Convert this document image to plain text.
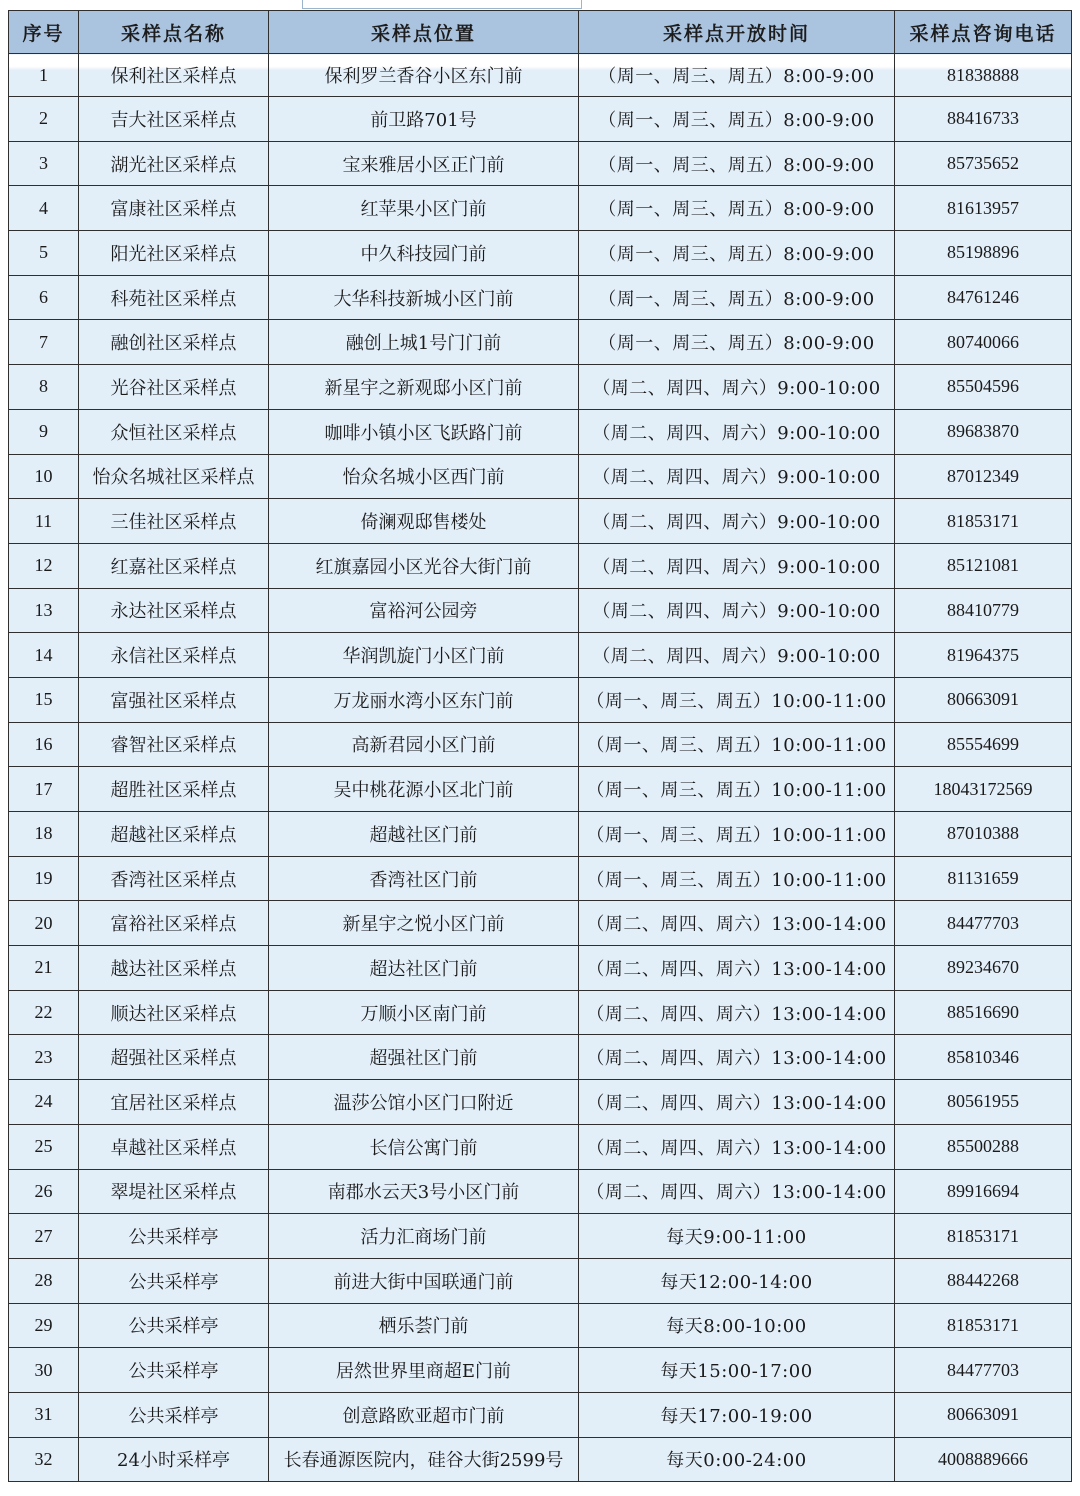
序号	采样点名称	采样点位置	采样点开放时间	采样点咨询电话
1	保利社区采样点	保利罗兰香谷小区东门前	（周一、周三、周五）8:00-9:00	81838888
2	吉大社区采样点	前卫路701号	（周一、周三、周五）8:00-9:00	88416733
3	湖光社区采样点	宝来雅居小区正门前	（周一、周三、周五）8:00-9:00	85735652
4	富康社区采样点	红苹果小区门前	（周一、周三、周五）8:00-9:00	81613957
5	阳光社区采样点	中久科技园门前	（周一、周三、周五）8:00-9:00	85198896
6	科苑社区采样点	大华科技新城小区门前	（周一、周三、周五）8:00-9:00	84761246
7	融创社区采样点	融创上城1号门门前	（周一、周三、周五）8:00-9:00	80740066
8	光谷社区采样点	新星宇之新观邸小区门前	（周二、周四、周六）9:00-10:00	85504596
9	众恒社区采样点	咖啡小镇小区飞跃路门前	（周二、周四、周六）9:00-10:00	89683870
10	怡众名城社区采样点	怡众名城小区西门前	（周二、周四、周六）9:00-10:00	87012349
11	三佳社区采样点	倚澜观邸售楼处	（周二、周四、周六）9:00-10:00	81853171
12	红嘉社区采样点	红旗嘉园小区光谷大街门前	（周二、周四、周六）9:00-10:00	85121081
13	永达社区采样点	富裕河公园旁	（周二、周四、周六）9:00-10:00	88410779
14	永信社区采样点	华润凯旋门小区门前	（周二、周四、周六）9:00-10:00	81964375
15	富强社区采样点	万龙丽水湾小区东门前	（周一、周三、周五）10:00-11:00	80663091
16	睿智社区采样点	高新君园小区门前	（周一、周三、周五）10:00-11:00	85554699
17	超胜社区采样点	吴中桃花源小区北门前	（周一、周三、周五）10:00-11:00	18043172569
18	超越社区采样点	超越社区门前	（周一、周三、周五）10:00-11:00	87010388
19	香湾社区采样点	香湾社区门前	（周一、周三、周五）10:00-11:00	81131659
20	富裕社区采样点	新星宇之悦小区门前	（周二、周四、周六）13:00-14:00	84477703
21	越达社区采样点	超达社区门前	（周二、周四、周六）13:00-14:00	89234670
22	顺达社区采样点	万顺小区南门前	（周二、周四、周六）13:00-14:00	88516690
23	超强社区采样点	超强社区门前	（周二、周四、周六）13:00-14:00	85810346
24	宜居社区采样点	温莎公馆小区门口附近	（周二、周四、周六）13:00-14:00	80561955
25	卓越社区采样点	长信公寓门前	（周二、周四、周六）13:00-14:00	85500288
26	翠堤社区采样点	南郡水云天3号小区门前	（周二、周四、周六）13:00-14:00	89916694
27	公共采样亭	活力汇商场门前	每天9:00-11:00	81853171
28	公共采样亭	前进大街中国联通门前	每天12:00-14:00	88442268
29	公共采样亭	栖乐荟门前	每天8:00-10:00	81853171
30	公共采样亭	居然世界里商超E门前	每天15:00-17:00	84477703
31	公共采样亭	创意路欧亚超市门前	每天17:00-19:00	80663091
32	24小时采样亭	长春通源医院内，硅谷大街2599号	每天0:00-24:00	4008889666
